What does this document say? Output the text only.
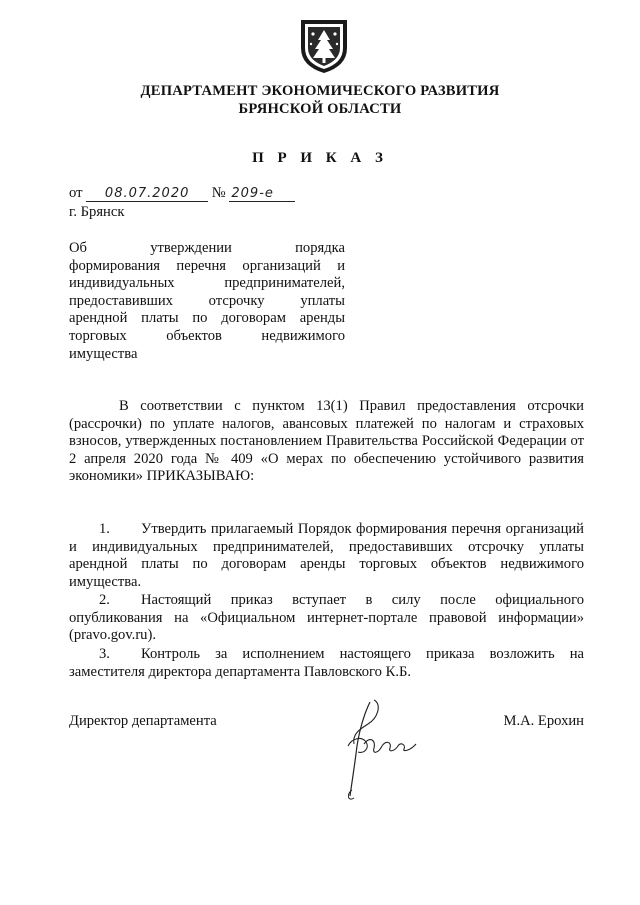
ДЕПАРТАМЕНТ ЭКОНОМИЧЕСКОГО РАЗВИТИЯ
БРЯНСКОЙ ОБЛАСТИ
П Р И К А З
от 08.07.2020 № 209-е
г. Брянск
Об утверждении порядка
формирования перечня организаций и
индивидуальных предпринимателей,
предоставивших отсрочку уплаты
арендной платы по договорам аренды
торговых объектов недвижимого
имущества
В соответствии с пунктом 13(1) Правил предоставления отсрочки (рассрочки) по уплате налогов, авансовых платежей по налогам и страховых взносов, утвержденных постановлением Правительства Российской Федерации от 2 апреля 2020 года № 409 «О мерах по обеспечению устойчивого развития экономики» ПРИКАЗЫВАЮ:
1. Утвердить прилагаемый Порядок формирования перечня организаций и индивидуальных предпринимателей, предоставивших отсрочку уплаты арендной платы по договорам аренды торговых объектов недвижимого имущества.
2. Настоящий приказ вступает в силу после официального опубликования на «Официальном интернет-портале правовой информации» (pravo.gov.ru).
3. Контроль за исполнением настоящего приказа возложить на заместителя директора департамента Павловского К.Б.
Директор департамента	М.А. Ерохин
